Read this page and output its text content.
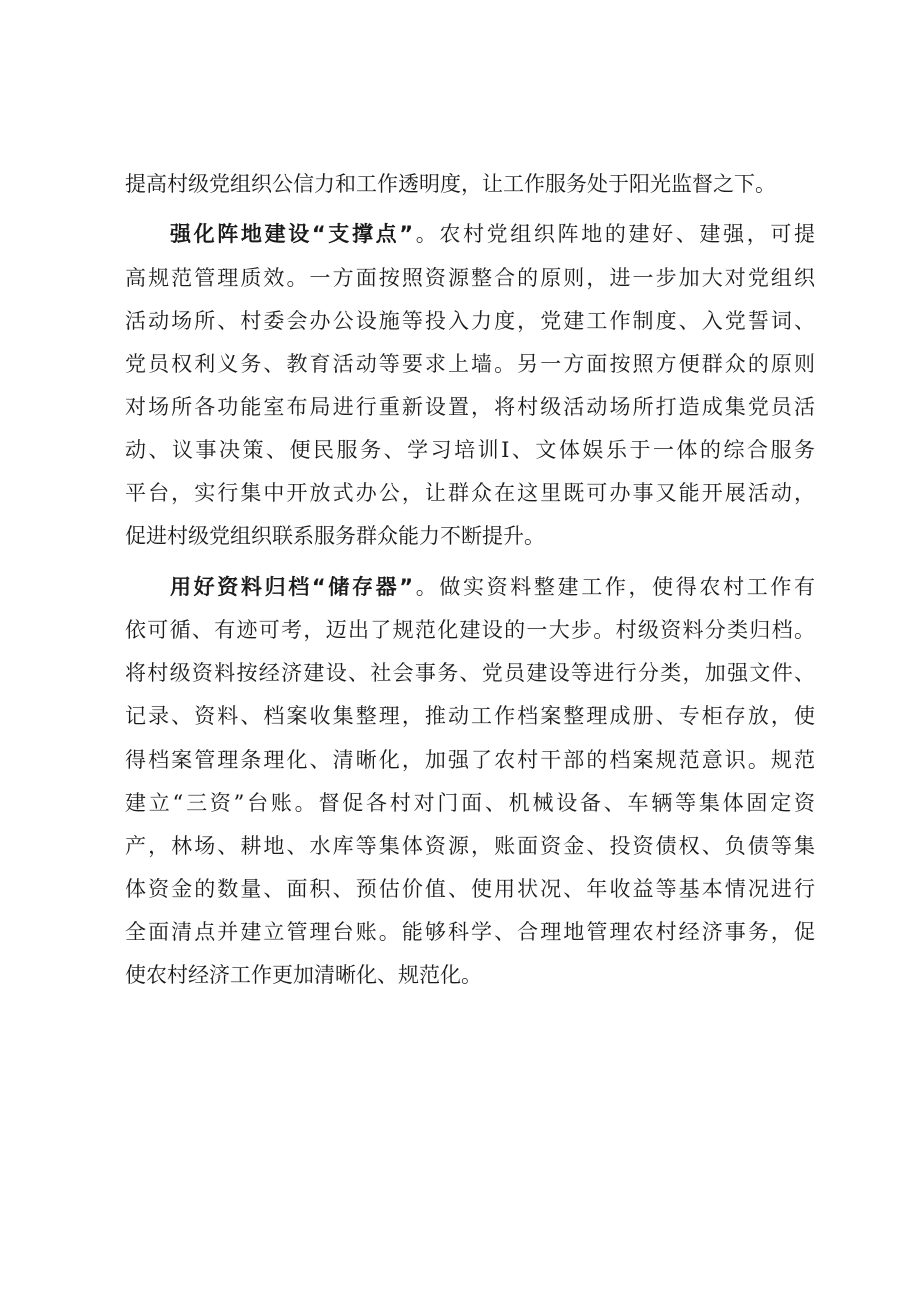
提高村级党组织公信力和工作透明度，让工作服务处于阳光监督之下。
强化阵地建设“支撑点”。农村党组织阵地的建好、建强，可提
高规范管理质效。一方面按照资源整合的原则，进一步加大对党组织
活动场所、村委会办公设施等投入力度，党建工作制度、入党誓词、
党员权利义务、教育活动等要求上墙。另一方面按照方便群众的原则
对场所各功能室布局进行重新设置，将村级活动场所打造成集党员活
动、议事决策、便民服务、学习培训Ⅰ、文体娱乐于一体的综合服务
平台，实行集中开放式办公，让群众在这里既可办事又能开展活动，
促进村级党组织联系服务群众能力不断提升。
用好资料归档“储存器”。做实资料整建工作，使得农村工作有
依可循、有迹可考，迈出了规范化建设的一大步。村级资料分类归档。
将村级资料按经济建设、社会事务、党员建设等进行分类，加强文件、
记录、资料、档案收集整理，推动工作档案整理成册、专柜存放，使
得档案管理条理化、清晰化，加强了农村干部的档案规范意识。规范
建立“三资”台账。督促各村对门面、机械设备、车辆等集体固定资
产，林场、耕地、水库等集体资源，账面资金、投资债权、负债等集
体资金的数量、面积、预估价值、使用状况、年收益等基本情况进行
全面清点并建立管理台账。能够科学、合理地管理农村经济事务，促
使农村经济工作更加清晰化、规范化。
